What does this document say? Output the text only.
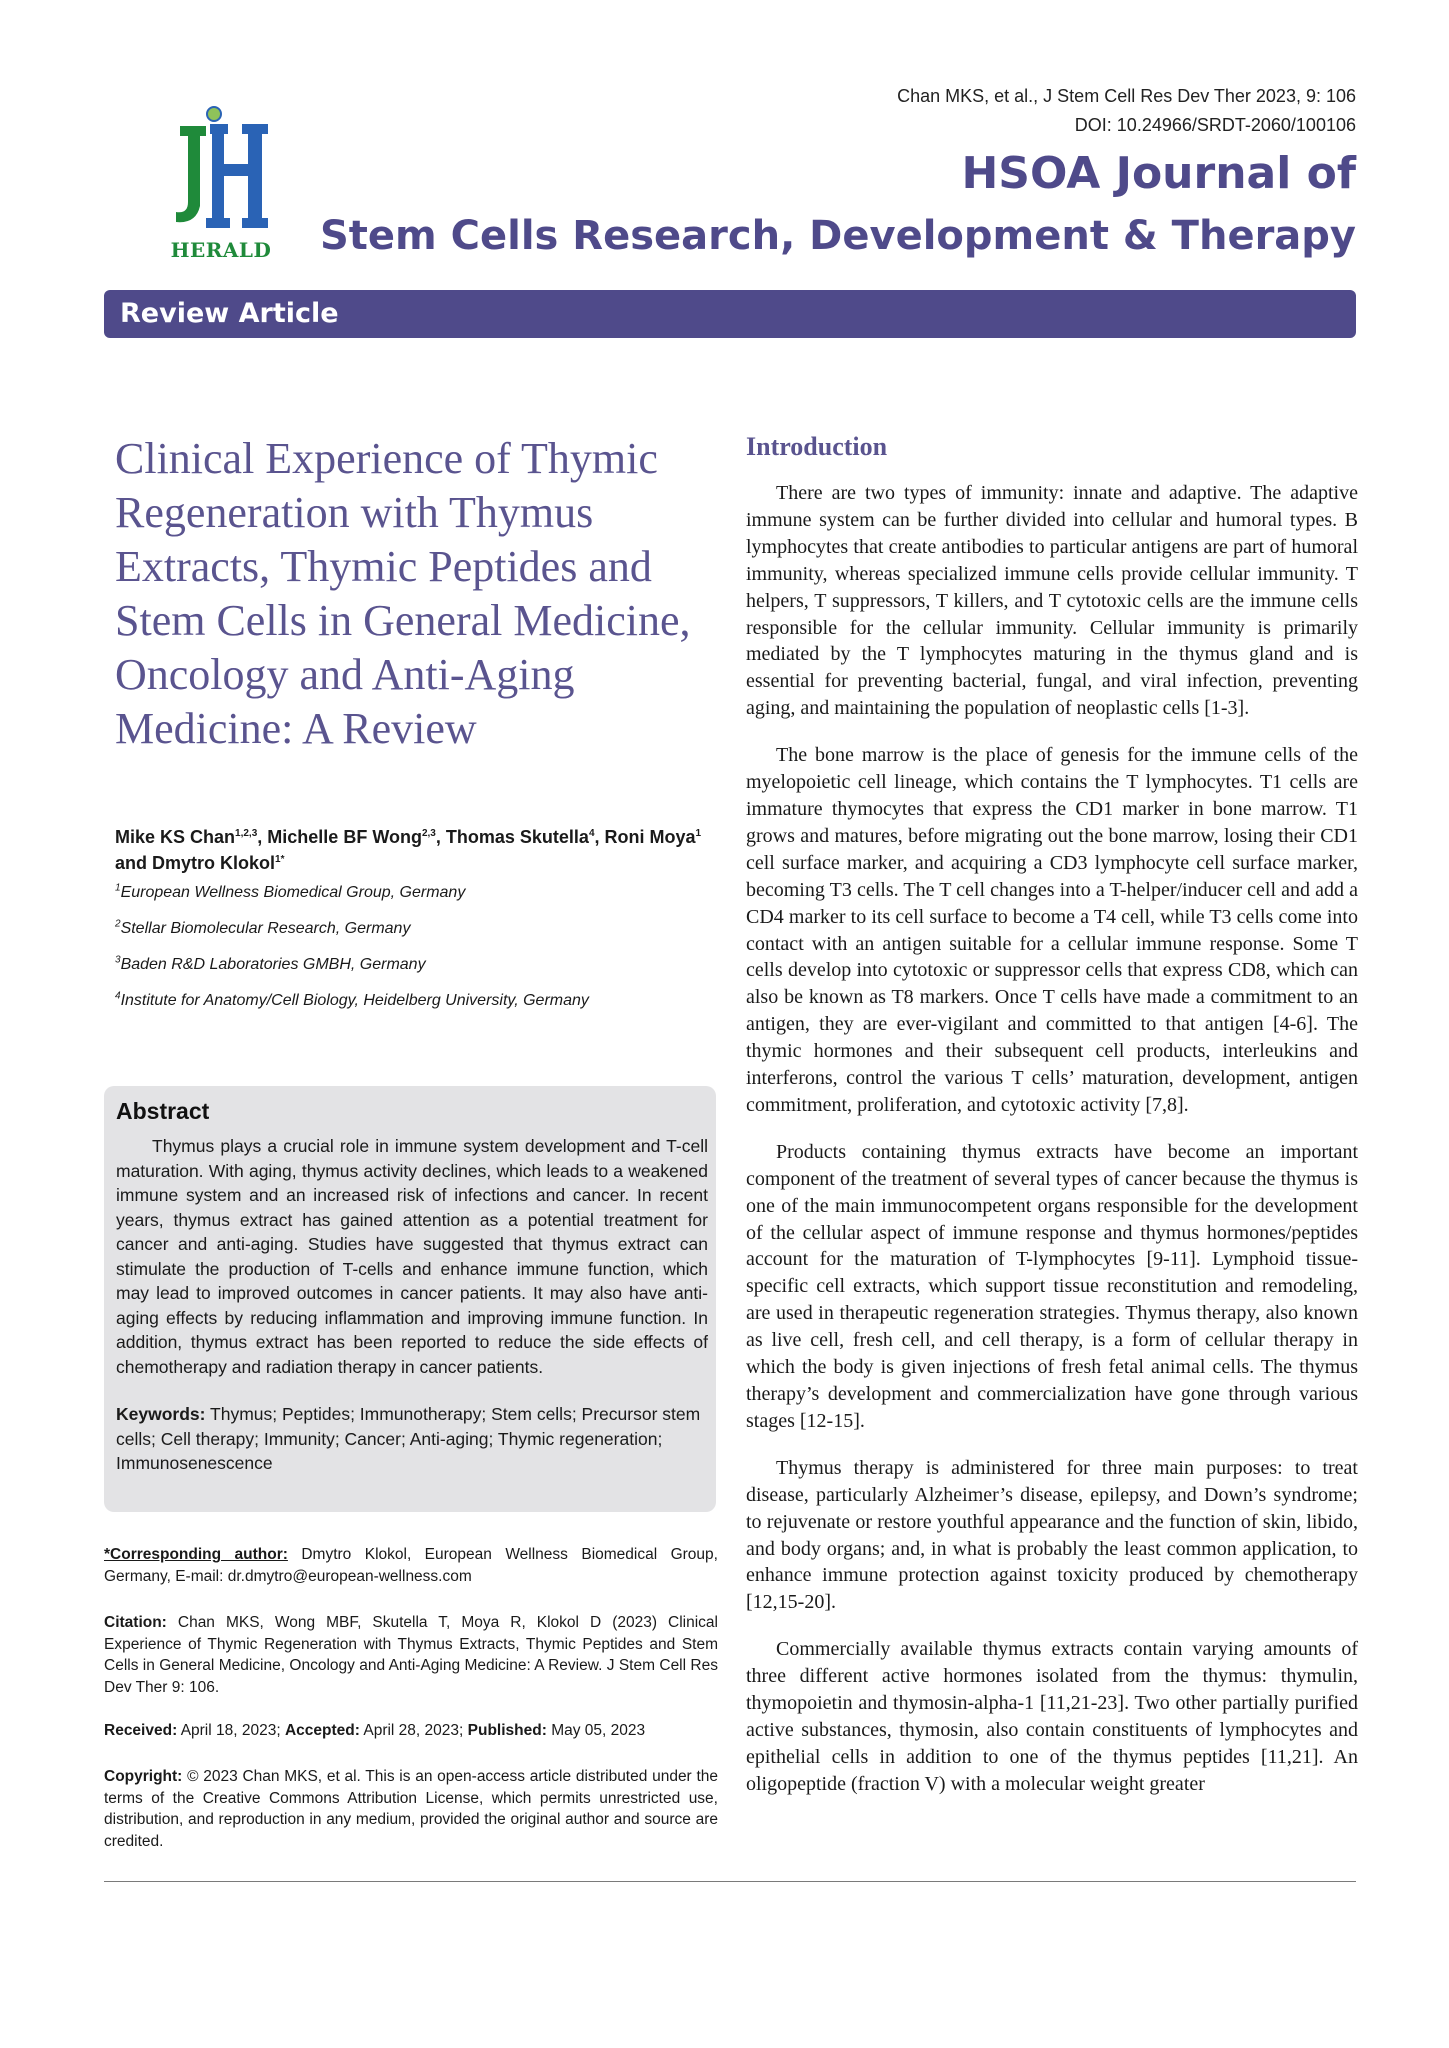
HERALD
Chan MKS, et al., J Stem Cell Res Dev Ther 2023, 9: 106
DOI: 10.24966/SRDT-2060/100106
HSOA Journal of
Stem Cells Research, Development & Therapy
Review Article
Clinical Experience of Thymic Regeneration with Thymus Extracts, Thymic Peptides and Stem Cells in General Medicine, Oncology and Anti-Aging Medicine: A Review
Mike KS Chan$^{1,2,3}$, Michelle BF Wong$^{2,3}$, Thomas Skutella$^4$, Roni Moya$^1$ and Dmytro Klokol$^{1*}$
$^1$European Wellness Biomedical Group, Germany
$^2$Stellar Biomolecular Research, Germany
$^3$Baden R&D Laboratories GMBH, Germany
$^4$Institute for Anatomy/Cell Biology, Heidelberg University, Germany
Abstract

Thymus plays a crucial role in immune system development and T-cell maturation. With aging, thymus activity declines, which leads to a weakened immune system and an increased risk of infections and cancer. In recent years, thymus extract has gained attention as a potential treatment for cancer and anti-aging. Studies have suggested that thymus extract can stimulate the production of T-cells and enhance immune function, which may lead to improved outcomes in cancer patients. It may also have anti-aging effects by reducing inflammation and improving immune function. In addition, thymus extract has been reported to reduce the side effects of chemotherapy and radiation therapy in cancer patients.

Keywords: Thymus; Peptides; Immunotherapy; Stem cells; Precursor stem cells; Cell therapy; Immunity; Cancer; Anti-aging; Thymic regeneration; Immunosenescence

*Corresponding author: Dmytro Klokol, European Wellness Biomedical Group, Germany, E-mail: dr.dmytro@european-wellness.com

Citation: Chan MKS, Wong MBF, Skutella T, Moya R, Klokol D (2023) Clinical Experience of Thymic Regeneration with Thymus Extracts, Thymic Peptides and Stem Cells in General Medicine, Oncology and Anti-Aging Medicine: A Review. J Stem Cell Res Dev Ther 9: 106.

Received: April 18, 2023; Accepted: April 28, 2023; Published: May 05, 2023

Copyright: © 2023 Chan MKS, et al. This is an open-access article distributed under the terms of the Creative Commons Attribution License, which permits unrestricted use, distribution, and reproduction in any medium, provided the original author and source are credited.

Introduction

There are two types of immunity: innate and adaptive. The adaptive immune system can be further divided into cellular and humoral types. B lymphocytes that create antibodies to particular antigens are part of humoral immunity, whereas specialized immune cells provide cellular immunity. T helpers, T suppressors, T killers, and T cytotoxic cells are the immune cells responsible for the cellular immunity. Cellular immunity is primarily mediated by the T lymphocytes maturing in the thymus gland and is essential for preventing bacterial, fungal, and viral infection, preventing aging, and maintaining the population of neoplastic cells [1-3].

The bone marrow is the place of genesis for the immune cells of the myelopoietic cell lineage, which contains the T lymphocytes. T1 cells are immature thymocytes that express the CD1 marker in bone marrow. T1 grows and matures, before migrating out the bone marrow, losing their CD1 cell surface marker, and acquiring a CD3 lymphocyte cell surface marker, becoming T3 cells. The T cell changes into a T-helper/inducer cell and add a CD4 marker to its cell surface to become a T4 cell, while T3 cells come into contact with an antigen suitable for a cellular immune response. Some T cells develop into cytotoxic or suppressor cells that express CD8, which can also be known as T8 markers. Once T cells have made a commitment to an antigen, they are ever-vigilant and committed to that antigen [4-6]. The thymic hormones and their subsequent cell products, interleukins and interferons, control the various T cells’ maturation, development, antigen commitment, proliferation, and cytotoxic activity [7,8].

Products containing thymus extracts have become an important component of the treatment of several types of cancer because the thymus is one of the main immunocompetent organs responsible for the development of the cellular aspect of immune response and thymus hormones/peptides account for the maturation of T-lymphocytes [9-11]. Lymphoid tissue-specific cell extracts, which support tissue reconstitution and remodeling, are used in therapeutic regeneration strategies. Thymus therapy, also known as live cell, fresh cell, and cell therapy, is a form of cellular therapy in which the body is given injections of fresh fetal animal cells. The thymus therapy’s development and commercialization have gone through various stages [12-15].

Thymus therapy is administered for three main purposes: to treat disease, particularly Alzheimer’s disease, epilepsy, and Down’s syndrome; to rejuvenate or restore youthful appearance and the function of skin, libido, and body organs; and, in what is probably the least common application, to enhance immune protection against toxicity produced by chemotherapy [12,15-20].

Commercially available thymus extracts contain varying amounts of three different active hormones isolated from the thymus: thymulin, thymopoietin and thymosin-alpha-1 [11,21-23]. Two other partially purified active substances, thymosin, also contain constituents of lymphocytes and epithelial cells in addition to one of the thymus peptides [11,21]. An oligopeptide (fraction V) with a molecular weight greater
